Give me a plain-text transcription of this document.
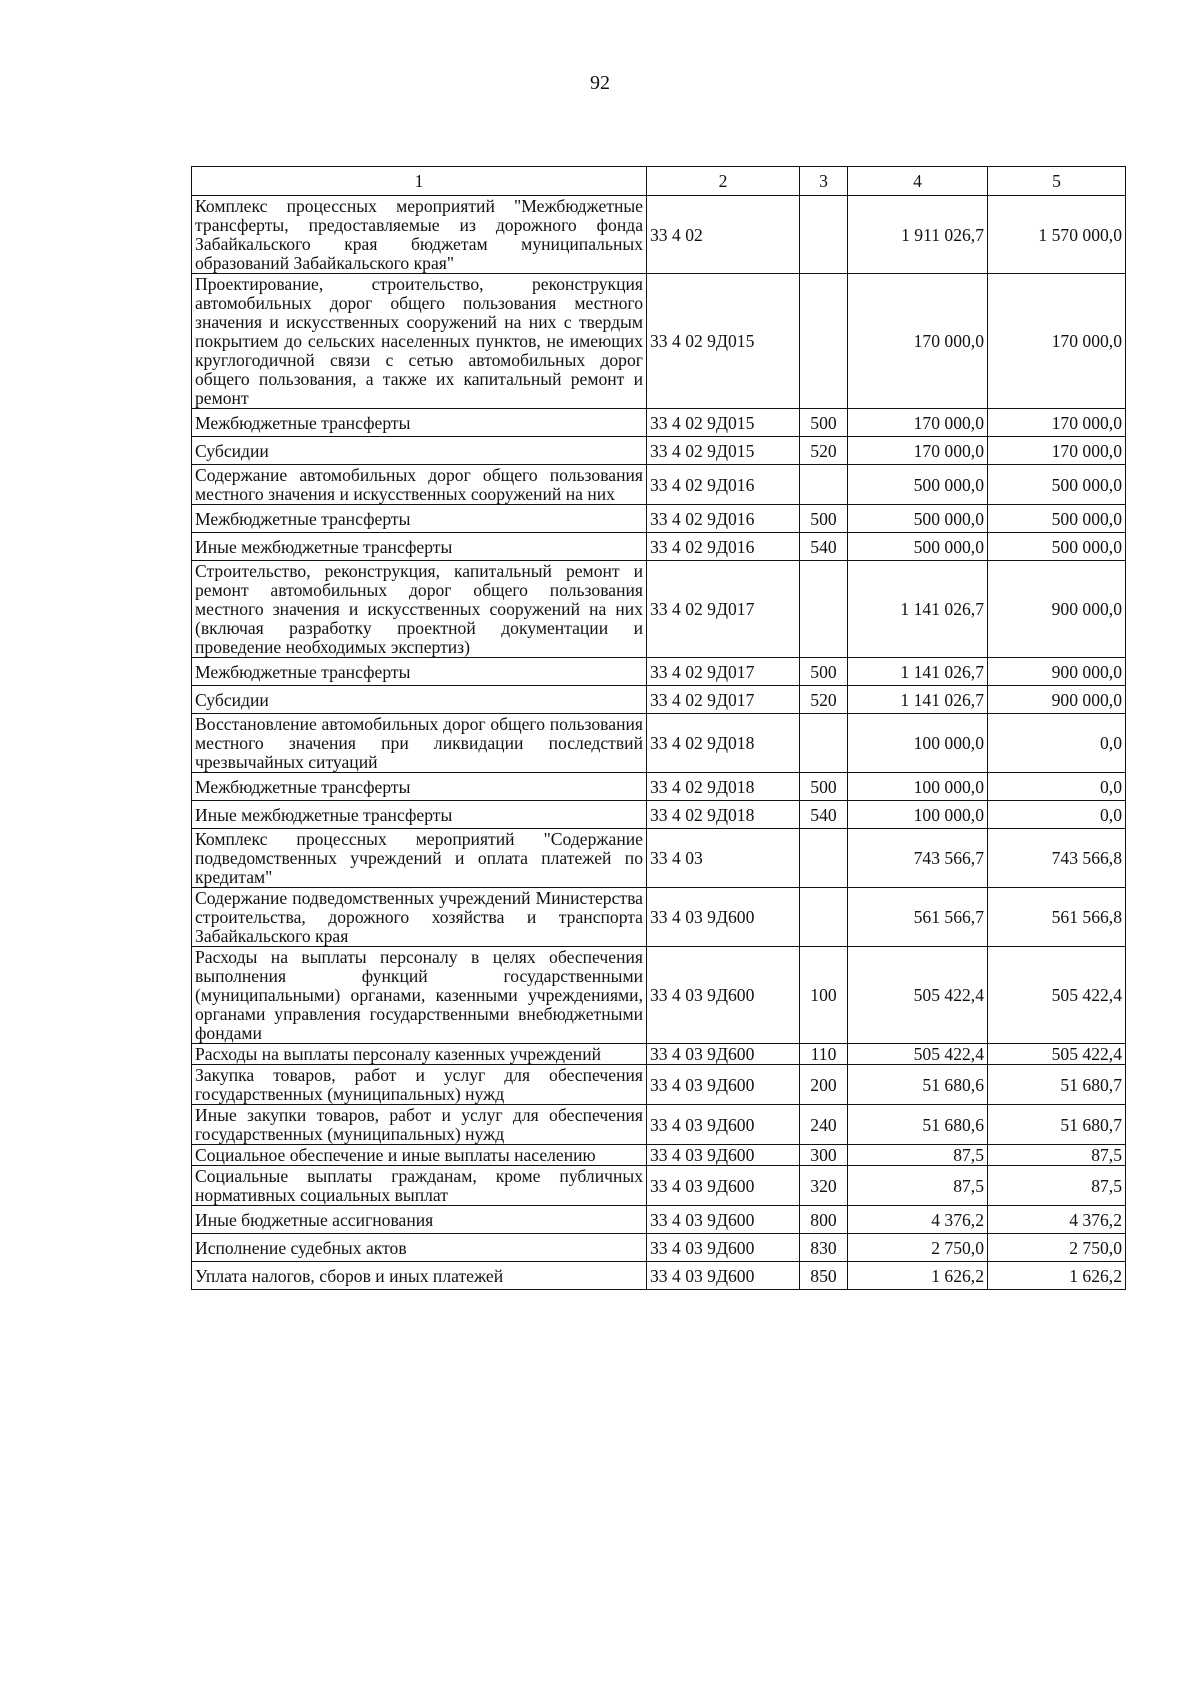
92
1	2	3	4	5
Комплекс процессных мероприятий "Межбюджетные трансферты, предоставляемые из дорожного фонда Забайкальского края бюджетам муниципальных образований Забайкальского края"	33 4 02		1 911 026,7	1 570 000,0
Проектирование, строительство, реконструкция автомобильных дорог общего пользования местного значения и искусственных сооружений на них с твердым покрытием до сельских населенных пунктов, не имеющих круглогодичной связи с сетью автомобильных дорог общего пользования, а также их капитальный ремонт и ремонт	33 4 02 9Д015		170 000,0	170 000,0
Межбюджетные трансферты	33 4 02 9Д015	500	170 000,0	170 000,0
Субсидии	33 4 02 9Д015	520	170 000,0	170 000,0
Содержание автомобильных дорог общего пользования местного значения и искусственных сооружений на них	33 4 02 9Д016		500 000,0	500 000,0
Межбюджетные трансферты	33 4 02 9Д016	500	500 000,0	500 000,0
Иные межбюджетные трансферты	33 4 02 9Д016	540	500 000,0	500 000,0
Строительство, реконструкция, капитальный ремонт и ремонт автомобильных дорог общего пользования местного значения и искусственных сооружений на них (включая разработку проектной документации и проведение необходимых экспертиз)	33 4 02 9Д017		1 141 026,7	900 000,0
Межбюджетные трансферты	33 4 02 9Д017	500	1 141 026,7	900 000,0
Субсидии	33 4 02 9Д017	520	1 141 026,7	900 000,0
Восстановление автомобильных дорог общего пользования местного значения при ликвидации последствий чрезвычайных ситуаций	33 4 02 9Д018		100 000,0	0,0
Межбюджетные трансферты	33 4 02 9Д018	500	100 000,0	0,0
Иные межбюджетные трансферты	33 4 02 9Д018	540	100 000,0	0,0
Комплекс процессных мероприятий "Содержание подведомственных учреждений и оплата платежей по кредитам"	33 4 03		743 566,7	743 566,8
Содержание подведомственных учреждений Министерства строительства, дорожного хозяйства и транспорта Забайкальского края	33 4 03 9Д600		561 566,7	561 566,8
Расходы на выплаты персоналу в целях обеспечения выполнения функций государственными (муниципальными) органами, казенными учреждениями, органами управления государственными внебюджетными фондами	33 4 03 9Д600	100	505 422,4	505 422,4
Расходы на выплаты персоналу казенных учреждений	33 4 03 9Д600	110	505 422,4	505 422,4
Закупка товаров, работ и услуг для обеспечения государственных (муниципальных) нужд	33 4 03 9Д600	200	51 680,6	51 680,7
Иные закупки товаров, работ и услуг для обеспечения государственных (муниципальных) нужд	33 4 03 9Д600	240	51 680,6	51 680,7
Социальное обеспечение и иные выплаты населению	33 4 03 9Д600	300	87,5	87,5
Социальные выплаты гражданам, кроме публичных нормативных социальных выплат	33 4 03 9Д600	320	87,5	87,5
Иные бюджетные ассигнования	33 4 03 9Д600	800	4 376,2	4 376,2
Исполнение судебных актов	33 4 03 9Д600	830	2 750,0	2 750,0
Уплата налогов, сборов и иных платежей	33 4 03 9Д600	850	1 626,2	1 626,2
